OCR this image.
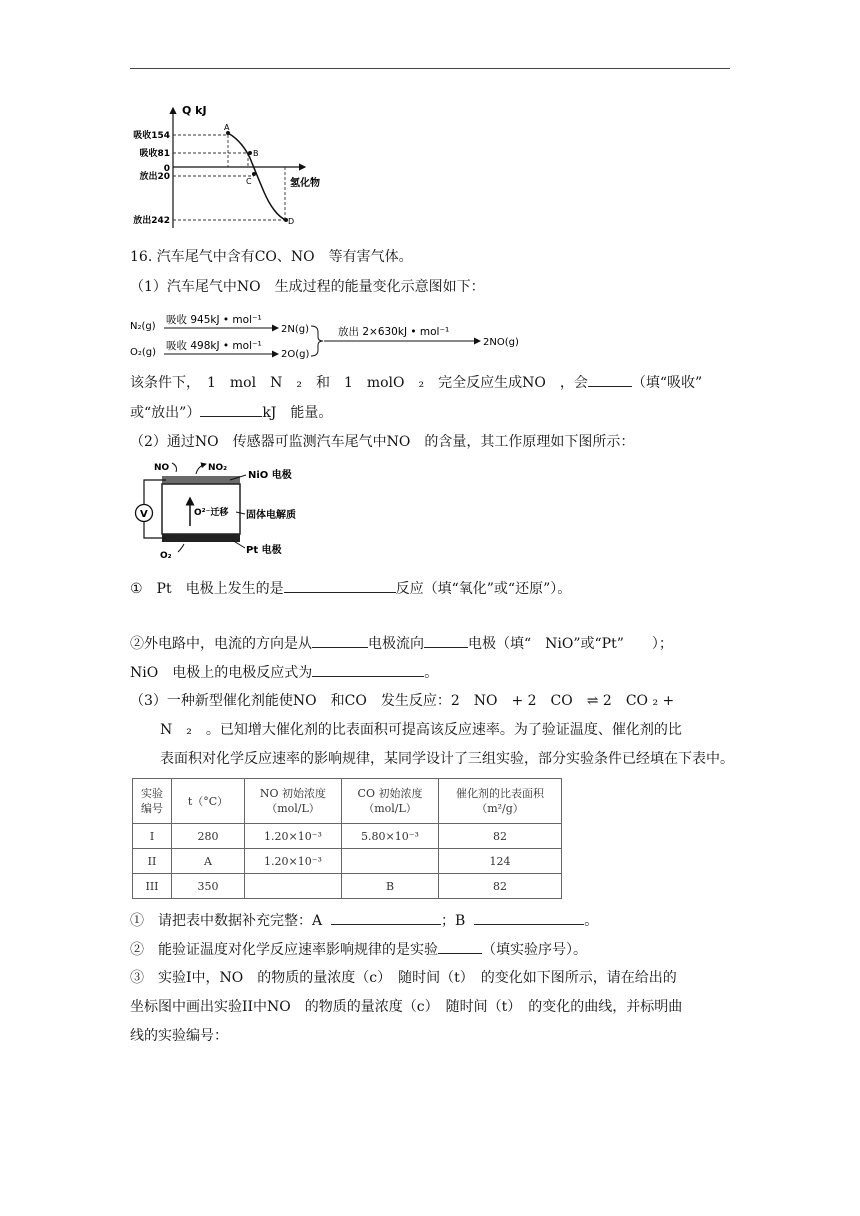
Q kJ
氢化物
吸收154
吸收81
0
放出20
放出242
A
B
C
D
16. 汽车尾气中含有CO、NO　等有害气体。
（1）汽车尾气中NO　生成过程的能量变化示意图如下：
N₂(g)
吸收 945kJ • mol⁻¹
2N(g)
O₂(g)
吸收 498kJ • mol⁻¹
2O(g)
放出 2×630kJ • mol⁻¹
2NO(g)
该条件下，　1　mol　N　₂　和　1　molO　₂　完全反应生成NO　，会	（填“吸收”
或“放出”）	kJ　能量。
（2）通过NO　传感器可监测汽车尾气中NO　的含量，其工作原理如下图所示：
NO	NO₂
NiO 电极
O²⁻迁移 固体电解质
Pt 电极
O₂
V
①　Pt　电极上发生的是	反应（填“氧化”或“还原”）。
②外电路中，电流的方向是从	电极流向	电极（填“　NiO”或“Pt”　　）；
NiO　电极上的电极反应式为	。
（3）一种新型催化剂能使NO　和CO　发生反应：2　NO　+ 2　CO　⇌ 2　CO ₂ +
N　₂　。已知增大催化剂的比表面积可提高该反应速率。为了验证温度、催化剂的比
表面积对化学反应速率的影响规律，某同学设计了三组实验，部分实验条件已经填在下表中。
实验
编号	t（°C）	NO 初始浓度
（mol/L）	CO 初始浓度
（mol/L）	催化剂的比表面积
（m²/g）
I	280	1.20×10⁻³	5.80×10⁻³	82
II	A	1.20×10⁻³		124
III	350		B	82
①　请把表中数据补充完整：A	；B	。
②　能验证温度对化学反应速率影响规律的是实验	（填实验序号）。
③　实验I中，NO　的物质的量浓度（c）　随时间（t）　的变化如下图所示，请在给出的
坐标图中画出实验II中NO　的物质的量浓度（c）　随时间（t）　的变化的曲线，并标明曲
线的实验编号：
